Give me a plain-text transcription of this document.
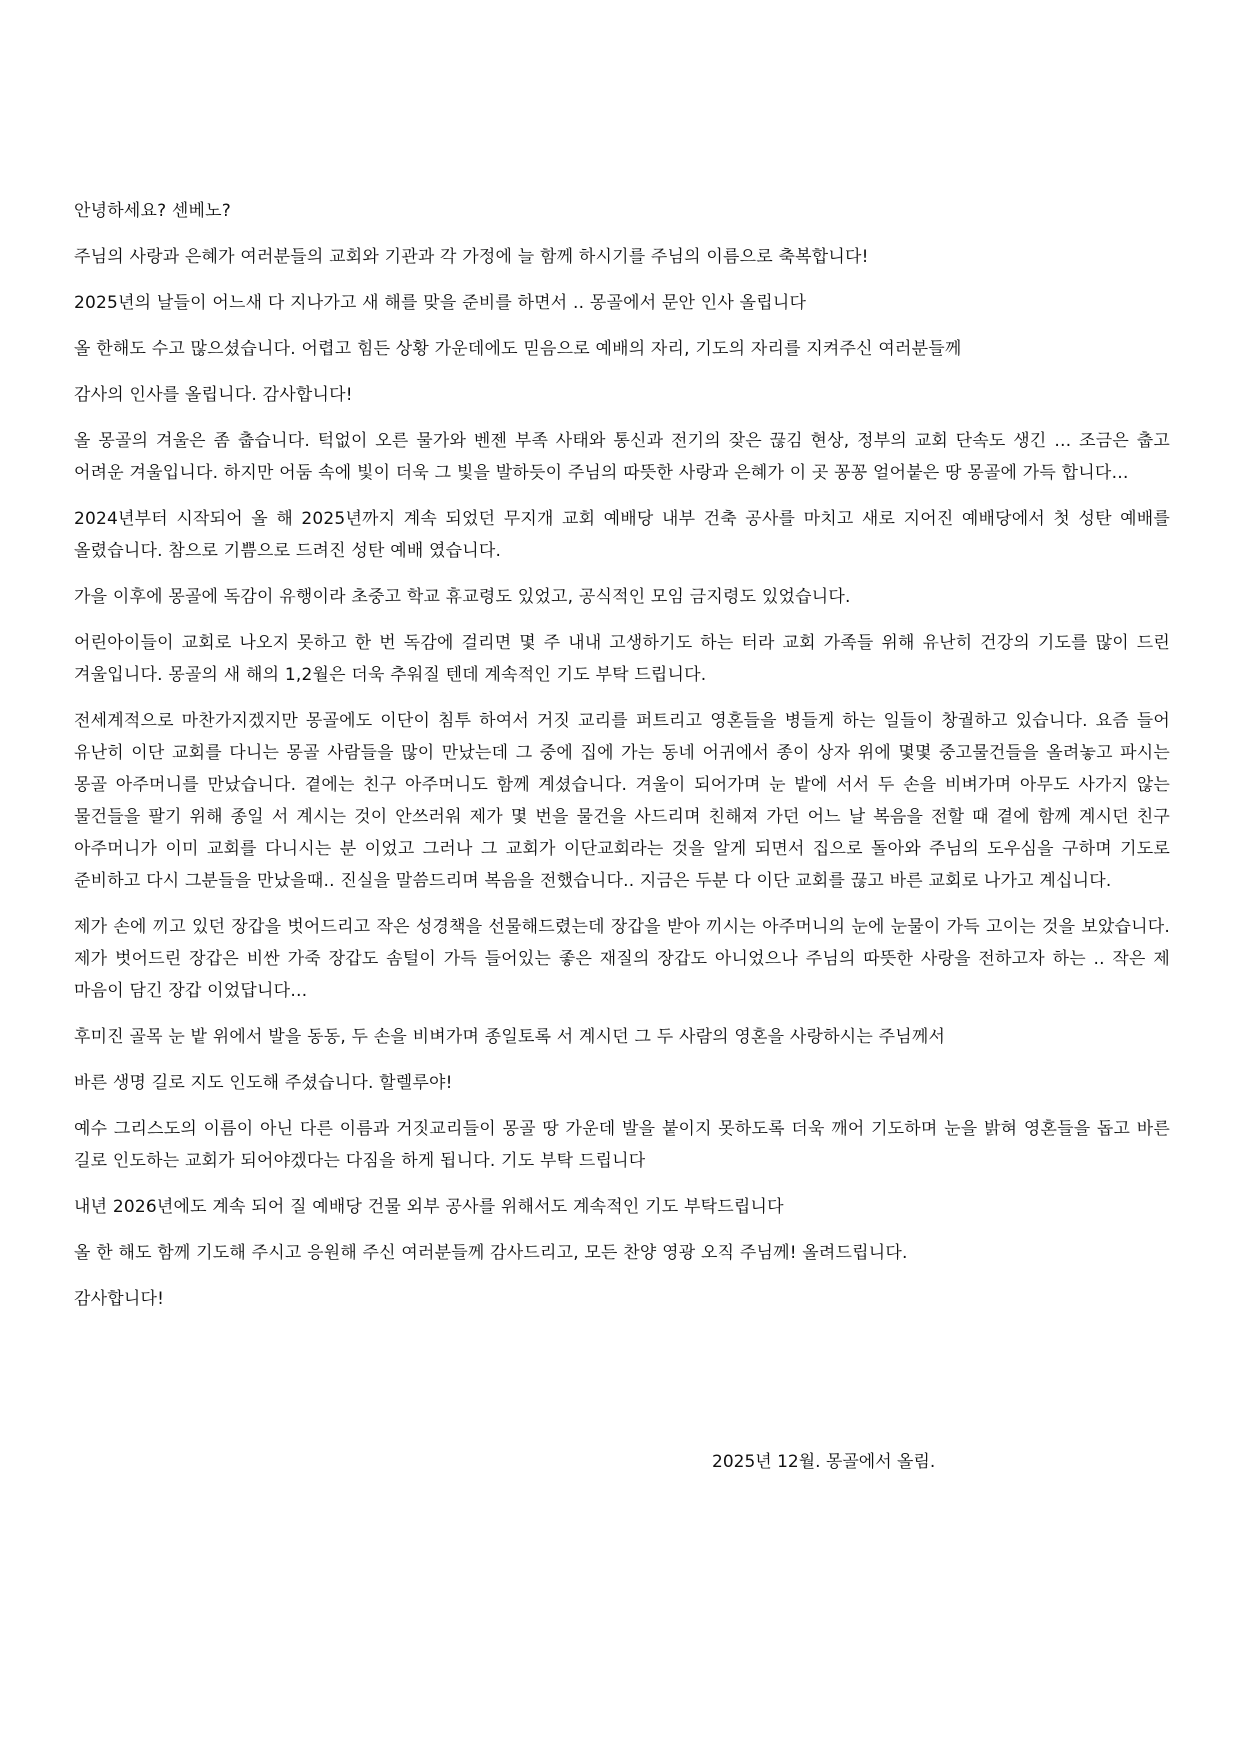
안녕하세요? 센베노?

주님의 사랑과 은혜가 여러분들의 교회와 기관과 각 가정에 늘 함께 하시기를 주님의 이름으로 축복합니다!

2025년의 날들이 어느새 다 지나가고 새 해를 맞을 준비를 하면서 .. 몽골에서 문안 인사 올립니다

올 한해도 수고 많으셨습니다. 어렵고 힘든 상황 가운데에도 믿음으로 예배의 자리, 기도의 자리를 지켜주신 여러분들께

감사의 인사를 올립니다. 감사합니다!

올 몽골의 겨울은 좀 춥습니다. 턱없이 오른 물가와 벤젠 부족 사태와 통신과 전기의 잦은 끊김 현상, 정부의 교회 단속도 생긴 … 조금은 춥고 어려운 겨울입니다. 하지만 어둠 속에 빛이 더욱 그 빛을 발하듯이 주님의 따뜻한 사랑과 은혜가 이 곳 꽁꽁 얼어붙은 땅 몽골에 가득 합니다…

2024년부터 시작되어 올 해 2025년까지 계속 되었던 무지개 교회 예배당 내부 건축 공사를 마치고 새로 지어진 예배당에서 첫 성탄 예배를 올렸습니다. 참으로 기쁨으로 드려진 성탄 예배 였습니다.

가을 이후에 몽골에 독감이 유행이라 초중고 학교 휴교령도 있었고, 공식적인 모임 금지령도 있었습니다.

어린아이들이 교회로 나오지 못하고 한 번 독감에 걸리면 몇 주 내내 고생하기도 하는 터라 교회 가족들 위해 유난히 건강의 기도를 많이 드린 겨울입니다. 몽골의 새 해의 1,2월은 더욱 추워질 텐데 계속적인 기도 부탁 드립니다.

전세계적으로 마찬가지겠지만 몽골에도 이단이 침투 하여서 거짓 교리를 퍼트리고 영혼들을 병들게 하는 일들이 창궐하고 있습니다. 요즘 들어 유난히 이단 교회를 다니는 몽골 사람들을 많이 만났는데 그 중에 집에 가는 동네 어귀에서 종이 상자 위에 몇몇 중고물건들을 올려놓고 파시는 몽골 아주머니를 만났습니다. 곁에는 친구 아주머니도 함께 계셨습니다. 겨울이 되어가며 눈 밭에 서서 두 손을 비벼가며 아무도 사가지 않는 물건들을 팔기 위해 종일 서 계시는 것이 안쓰러워 제가 몇 번을 물건을 사드리며 친해져 가던 어느 날 복음을 전할 때 곁에 함께 계시던 친구 아주머니가 이미 교회를 다니시는 분 이었고 그러나 그 교회가 이단교회라는 것을 알게 되면서 집으로 돌아와 주님의 도우심을 구하며 기도로 준비하고 다시 그분들을 만났을때.. 진실을 말씀드리며 복음을 전했습니다.. 지금은 두분 다 이단 교회를 끊고 바른 교회로 나가고 계십니다.

제가 손에 끼고 있던 장갑을 벗어드리고 작은 성경책을 선물해드렸는데 장갑을 받아 끼시는 아주머니의 눈에 눈물이 가득 고이는 것을 보았습니다. 제가 벗어드린 장갑은 비싼 가죽 장갑도 솜털이 가득 들어있는 좋은 재질의 장갑도 아니었으나 주님의 따뜻한 사랑을 전하고자 하는 .. 작은 제 마음이 담긴 장갑 이었답니다…

후미진 골목 눈 밭 위에서 발을 동동, 두 손을 비벼가며 종일토록 서 계시던 그 두 사람의 영혼을 사랑하시는 주님께서

바른 생명 길로 지도 인도해 주셨습니다. 할렐루야!

예수 그리스도의 이름이 아닌 다른 이름과 거짓교리들이 몽골 땅 가운데 발을 붙이지 못하도록 더욱 깨어 기도하며 눈을 밝혀 영혼들을 돕고 바른 길로 인도하는 교회가 되어야겠다는 다짐을 하게 됩니다. 기도 부탁 드립니다

내년 2026년에도 계속 되어 질 예배당 건물 외부 공사를 위해서도 계속적인 기도 부탁드립니다

올 한 해도 함께 기도해 주시고 응원해 주신 여러분들께 감사드리고, 모든 찬양 영광 오직 주님께! 올려드립니다.

감사합니다!

2025년 12월. 몽골에서 올림.
